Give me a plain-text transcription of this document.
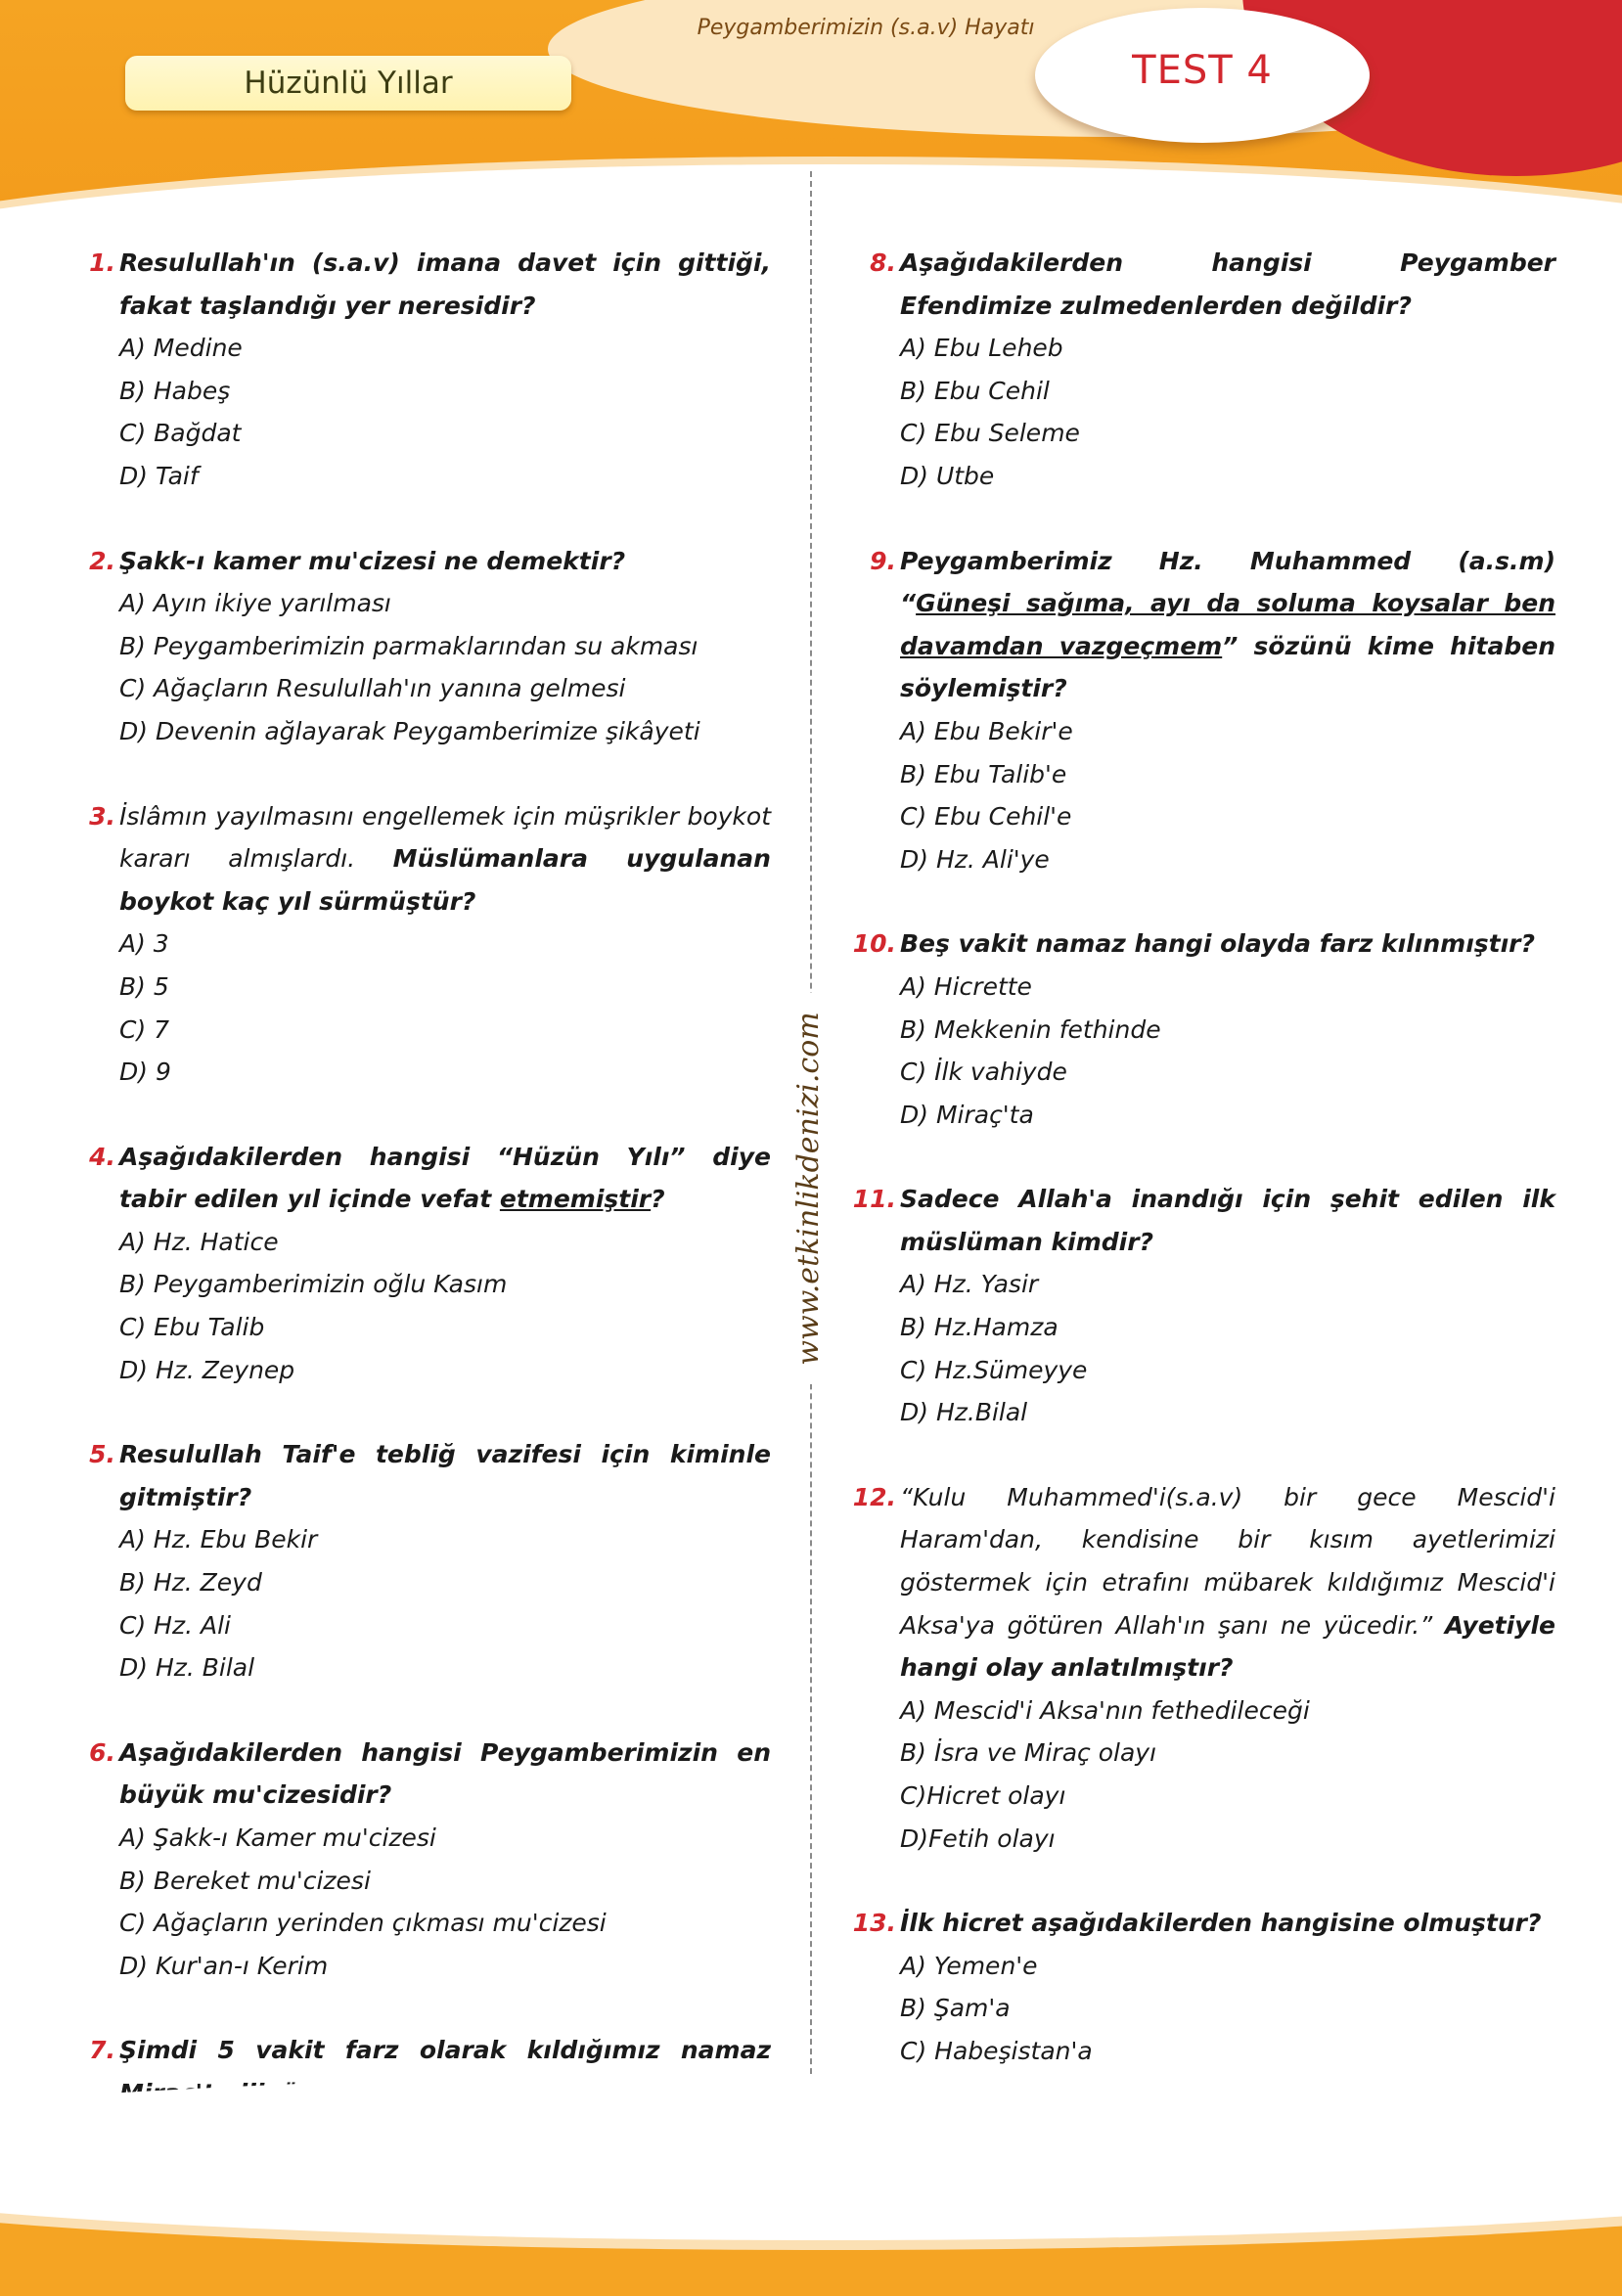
Hüzünlü Yıllar
Peygamberimizin (s.a.v) Hayatı
TEST 4
www.etkinlikdenizi.com
1. Resulullah'ın (s.a.v) imana davet için gittiği, fakat taşlandığı yer neresidir?
A) Medine
B) Habeş
C) Bağdat
D) Taif
2. Şakk-ı kamer mu'cizesi ne demektir?
A) Ayın ikiye yarılması
B) Peygamberimizin parmaklarından su akması
C) Ağaçların Resulullah'ın yanına gelmesi
D) Devenin ağlayarak Peygamberimize şikâyeti
3. İslâmın yayılmasını engellemek için müşrikler boykot kararı almışlardı. Müslümanlara uygulanan boykot kaç yıl sürmüştür?
A) 3
B) 5
C) 7
D) 9
4. Aşağıdakilerden hangisi “Hüzün Yılı” diye tabir edilen yıl içinde vefat etmemiştir?
A) Hz. Hatice
B) Peygamberimizin oğlu Kasım
C) Ebu Talib
D) Hz. Zeynep
5. Resulullah Taif'e tebliğ vazifesi için kiminle gitmiştir?
A) Hz. Ebu Bekir
B) Hz. Zeyd
C) Hz. Ali
D) Hz. Bilal
6. Aşağıdakilerden hangisi Peygamberimizin en büyük mu'cizesidir?
A) Şakk-ı Kamer mu'cizesi
B) Bereket mu'cizesi
C) Ağaçların yerinden çıkması mu'cizesi
D) Kur'an-ı Kerim
7. Şimdi 5 vakit farz olarak kıldığımız namaz
8. Aşağıdakilerden hangisi Peygamber Efendimize zulmedenlerden değildir?
A) Ebu Leheb
B) Ebu Cehil
C) Ebu Seleme
D) Utbe
9. Peygamberimiz Hz. Muhammed (a.s.m) “Güneşi sağıma, ayı da soluma koysalar ben davamdan vazgeçmem” sözünü kime hitaben söylemiştir?
A) Ebu Bekir'e
B) Ebu Talib'e
C) Ebu Cehil'e
D) Hz. Ali'ye
10. Beş vakit namaz hangi olayda farz kılınmıştır?
A) Hicrette
B) Mekkenin fethinde
C) İlk vahiyde
D) Miraç'ta
11. Sadece Allah'a inandığı için şehit edilen ilk müslüman kimdir?
A) Hz. Yasir
B) Hz.Hamza
C) Hz.Sümeyye
D) Hz.Bilal
12. “Kulu Muhammed'i(s.a.v) bir gece Mescid'i Haram'dan, kendisine bir kısım ayetlerimizi göstermek için etrafını mübarek kıldığımız Mescid'i Aksa'ya götüren Allah'ın şanı ne yücedir.” Ayetiyle hangi olay anlatılmıştır?
A) Mescid'i Aksa'nın fethedileceği
B) İsra ve Miraç olayı
C)Hicret olayı
D)Fetih olayı
13. İlk hicret aşağıdakilerden hangisine olmuştur?
A) Yemen'e
B) Şam'a
C) Habeşistan'a
